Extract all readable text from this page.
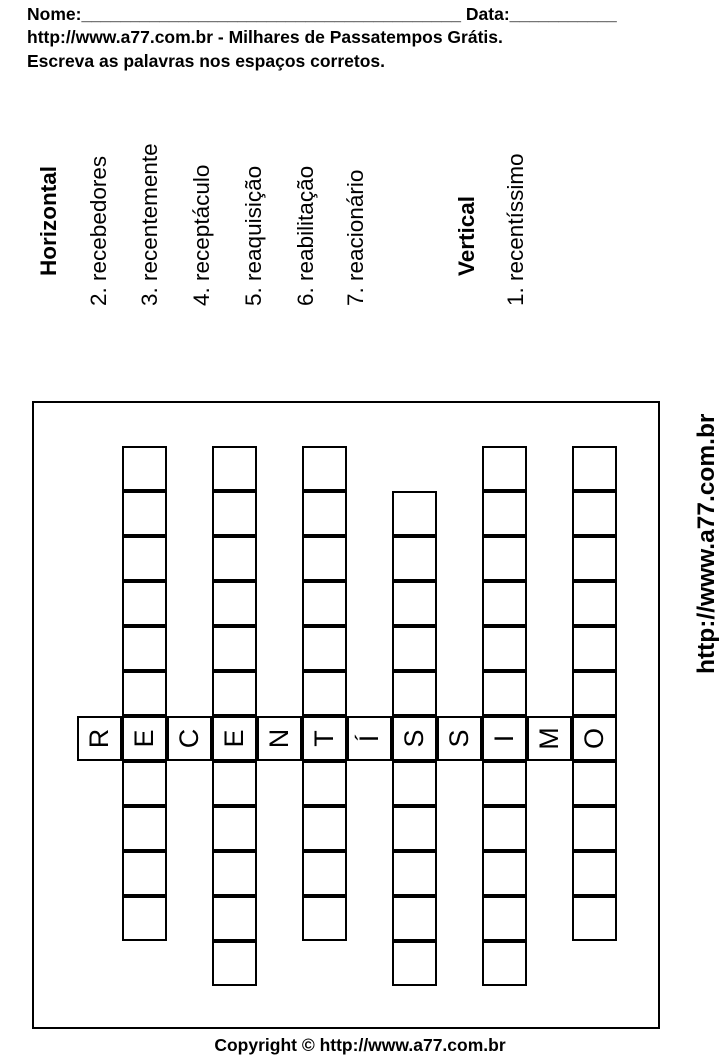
Nome:_______________________________________ Data:___________
http://www.a77.com.br - Milhares de Passatempos Grátis.
Escreva as palavras nos espaços corretos.
Horizontal
2. recebedores
3. recentemente
4. receptáculo
5. reaquisição
6. reabilitação
7. reacionário	Vertical
1. recentíssimo
http://www.a77.com.br
R E C E N T Í S S I M O
Copyright © http://www.a77.com.br
